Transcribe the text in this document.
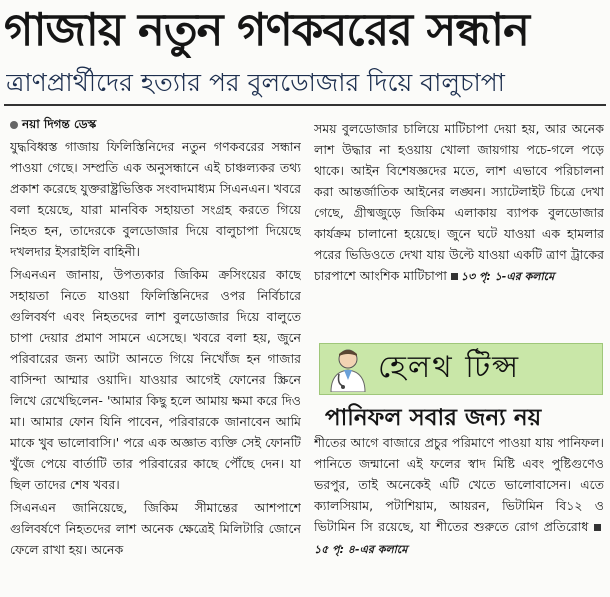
গাজায় নতুন গণকবরের সন্ধান
ত্রাণপ্রার্থীদের হত্যার পর বুলডোজার দিয়ে বালুচাপা
নয়া দিগন্ত ডেস্ক

যুদ্ধবিধ্বস্ত গাজায় ফিলিস্তিনিদের নতুন গণকবরের সন্ধান পাওয়া গেছে। সম্প্রতি এক অনুসন্ধানে এই চাঞ্চল্যকর তথ্য প্রকাশ করেছে যুক্তরাষ্ট্রভিত্তিক সংবাদমাধ্যম সিএনএন। খবরে বলা হয়েছে, যারা মানবিক সহায়তা সংগ্রহ করতে গিয়ে নিহত হন, তাদেরকে বুলডোজার দিয়ে বালুচাপা দিয়েছে দখলদার ইসরাইলি বাহিনী।

সিএনএন জানায়, উপত্যকার জিকিম ক্রসিংয়ের কাছে সহায়তা নিতে যাওয়া ফিলিস্তিনিদের ওপর নির্বিচারে গুলিবর্ষণ এবং নিহতদের লাশ বুলডোজার দিয়ে বালুতে চাপা দেয়ার প্রমাণ সামনে এসেছে। খবরে বলা হয়, জুনে পরিবারের জন্য আটা আনতে গিয়ে নিখোঁজ হন গাজার বাসিন্দা আম্মার ওয়াদি। যাওয়ার আগেই ফোনের স্ক্রিনে লিখে রেখেছিলেন- 'আমার কিছু হলে আমায় ক্ষমা করে দিও মা। আমার ফোন যিনি পাবেন, পরিবারকে জানাবেন আমি মাকে খুব ভালোবাসি।' পরে এক অজ্ঞাত ব্যক্তি সেই ফোনটি খুঁজে পেয়ে বার্তাটি তার পরিবারের কাছে পৌঁছে দেন। যা ছিল তাদের শেষ খবর।

সিএনএন জানিয়েছে, জিকিম সীমান্তের আশপাশে গুলিবর্ষণে নিহতদের লাশ অনেক ক্ষেত্রেই মিলিটারি জোনে ফেলে রাখা হয়। অনেক

সময় বুলডোজার চালিয়ে মাটিচাপা দেয়া হয়, আর অনেক লাশ উদ্ধার না হওয়ায় খোলা জায়গায় পচে-গলে পড়ে থাকে। আইন বিশেষজ্ঞদের মতে, লাশ এভাবে পরিচালনা করা আন্তর্জাতিক আইনের লঙ্ঘন। স্যাটেলাইট চিত্রে দেখা গেছে, গ্রীষ্মজুড়ে জিকিম এলাকায় ব্যাপক বুলডোজার কার্যক্রম চালানো হয়েছে। জুনে ঘটে যাওয়া এক হামলার পরের ভিডিওতে দেখা যায় উল্টে যাওয়া একটি ত্রাণ ট্রাকের চারপাশে আংশিক মাটিচাপা ১৩ পৃ: ১-এর কলামে
হেলথ টিপ্স
পানিফল সবার জন্য নয়
শীতের আগে বাজারে প্রচুর পরিমাণে পাওয়া যায় পানিফল। পানিতে জন্মানো এই ফলের স্বাদ মিষ্টি এবং পুষ্টিগুণেও ভরপুর, তাই অনেকেই এটি খেতে ভালোবাসেন। এতে ক্যালসিয়াম, পটাশিয়াম, আয়রন, ভিটামিন বি১২ ও ভিটামিন সি রয়েছে, যা শীতের শুরুতে রোগ প্রতিরোধ ১৫ পৃ: ৪-এর কলামে
